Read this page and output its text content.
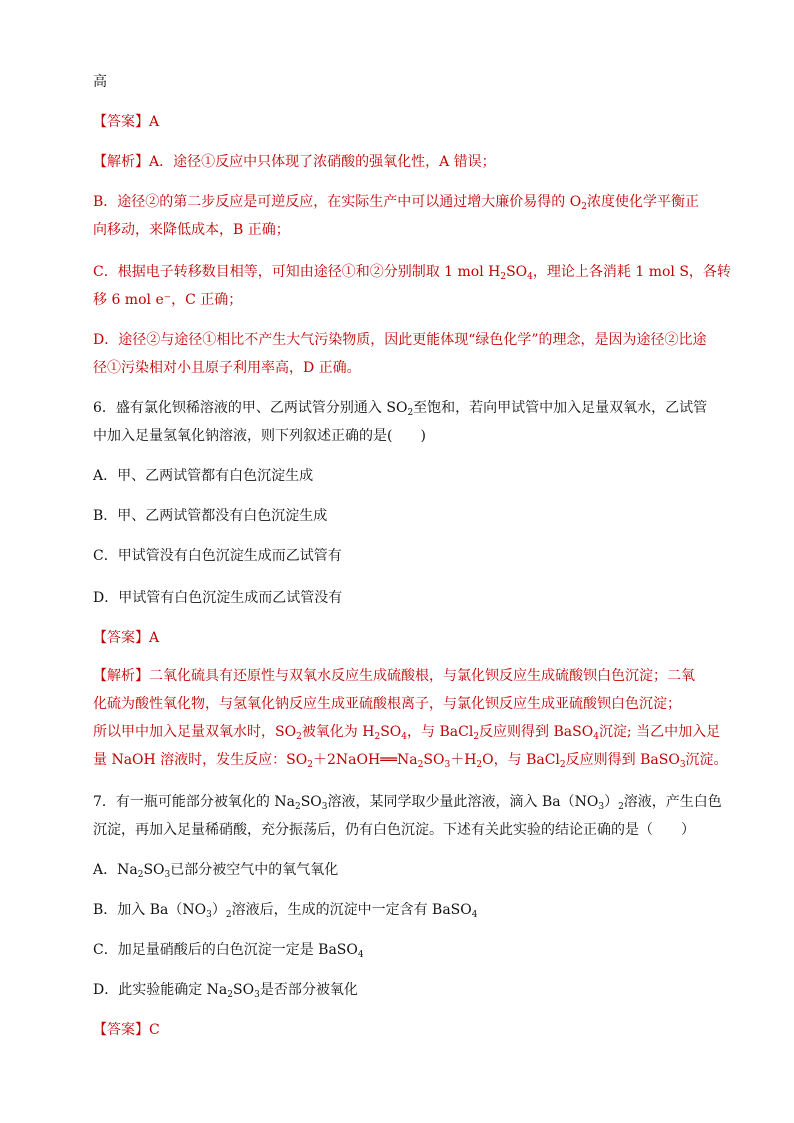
高
【答案】A
【解析】A．途径①反应中只体现了浓硝酸的强氧化性，A 错误；
B．途径②的第二步反应是可逆反应，在实际生产中可以通过增大廉价易得的 $O_2$浓度使化学平衡正
向移动，来降低成本，B 正确；
C．根据电子转移数目相等，可知由途径①和②分别制取 1 mol $H_2SO_4$，理论上各消耗 1 mol S，各转
移 6 mol e⁻，C 正确；
D．途径②与途径①相比不产生大气污染物质，因此更能体现“绿色化学”的理念，是因为途径②比途
径①污染相对小且原子利用率高，D 正确。
6．盛有氯化钡稀溶液的甲、乙两试管分别通入 $SO_2$至饱和，若向甲试管中加入足量双氧水，乙试管
中加入足量氢氧化钠溶液，则下列叙述正确的是(　　)
A．甲、乙两试管都有白色沉淀生成
B．甲、乙两试管都没有白色沉淀生成
C．甲试管没有白色沉淀生成而乙试管有
D．甲试管有白色沉淀生成而乙试管没有
【答案】A
【解析】二氧化硫具有还原性与双氧水反应生成硫酸根，与氯化钡反应生成硫酸钡白色沉淀；二氧
化硫为酸性氧化物，与氢氧化钠反应生成亚硫酸根离子，与氯化钡反应生成亚硫酸钡白色沉淀；
所以甲中加入足量双氧水时，$SO_2$被氧化为 $H_2SO_4$，与 BaCl$_2$反应则得到 BaSO$_4$沉淀; 当乙中加入足
量 NaOH 溶液时，发生反应：$SO_2+2NaOH══Na_2SO_3+H_2O$，与 BaCl$_2$反应则得到 BaSO$_3$沉淀。
7．有一瓶可能部分被氧化的 $Na_2SO_3$溶液，某同学取少量此溶液，滴入 $Ba(NO_3)_2$溶液，产生白色
沉淀，再加入足量稀硝酸，充分振荡后，仍有白色沉淀。下述有关此实验的结论正确的是（　　）
A．$Na_2SO_3$已部分被空气中的氧气氧化
B．加入 $Ba(NO_3)_2$溶液后，生成的沉淀中一定含有 BaSO$_4$
C．加足量硝酸后的白色沉淀一定是 BaSO$_4$
D．此实验能确定 $Na_2SO_3$是否部分被氧化
【答案】C
